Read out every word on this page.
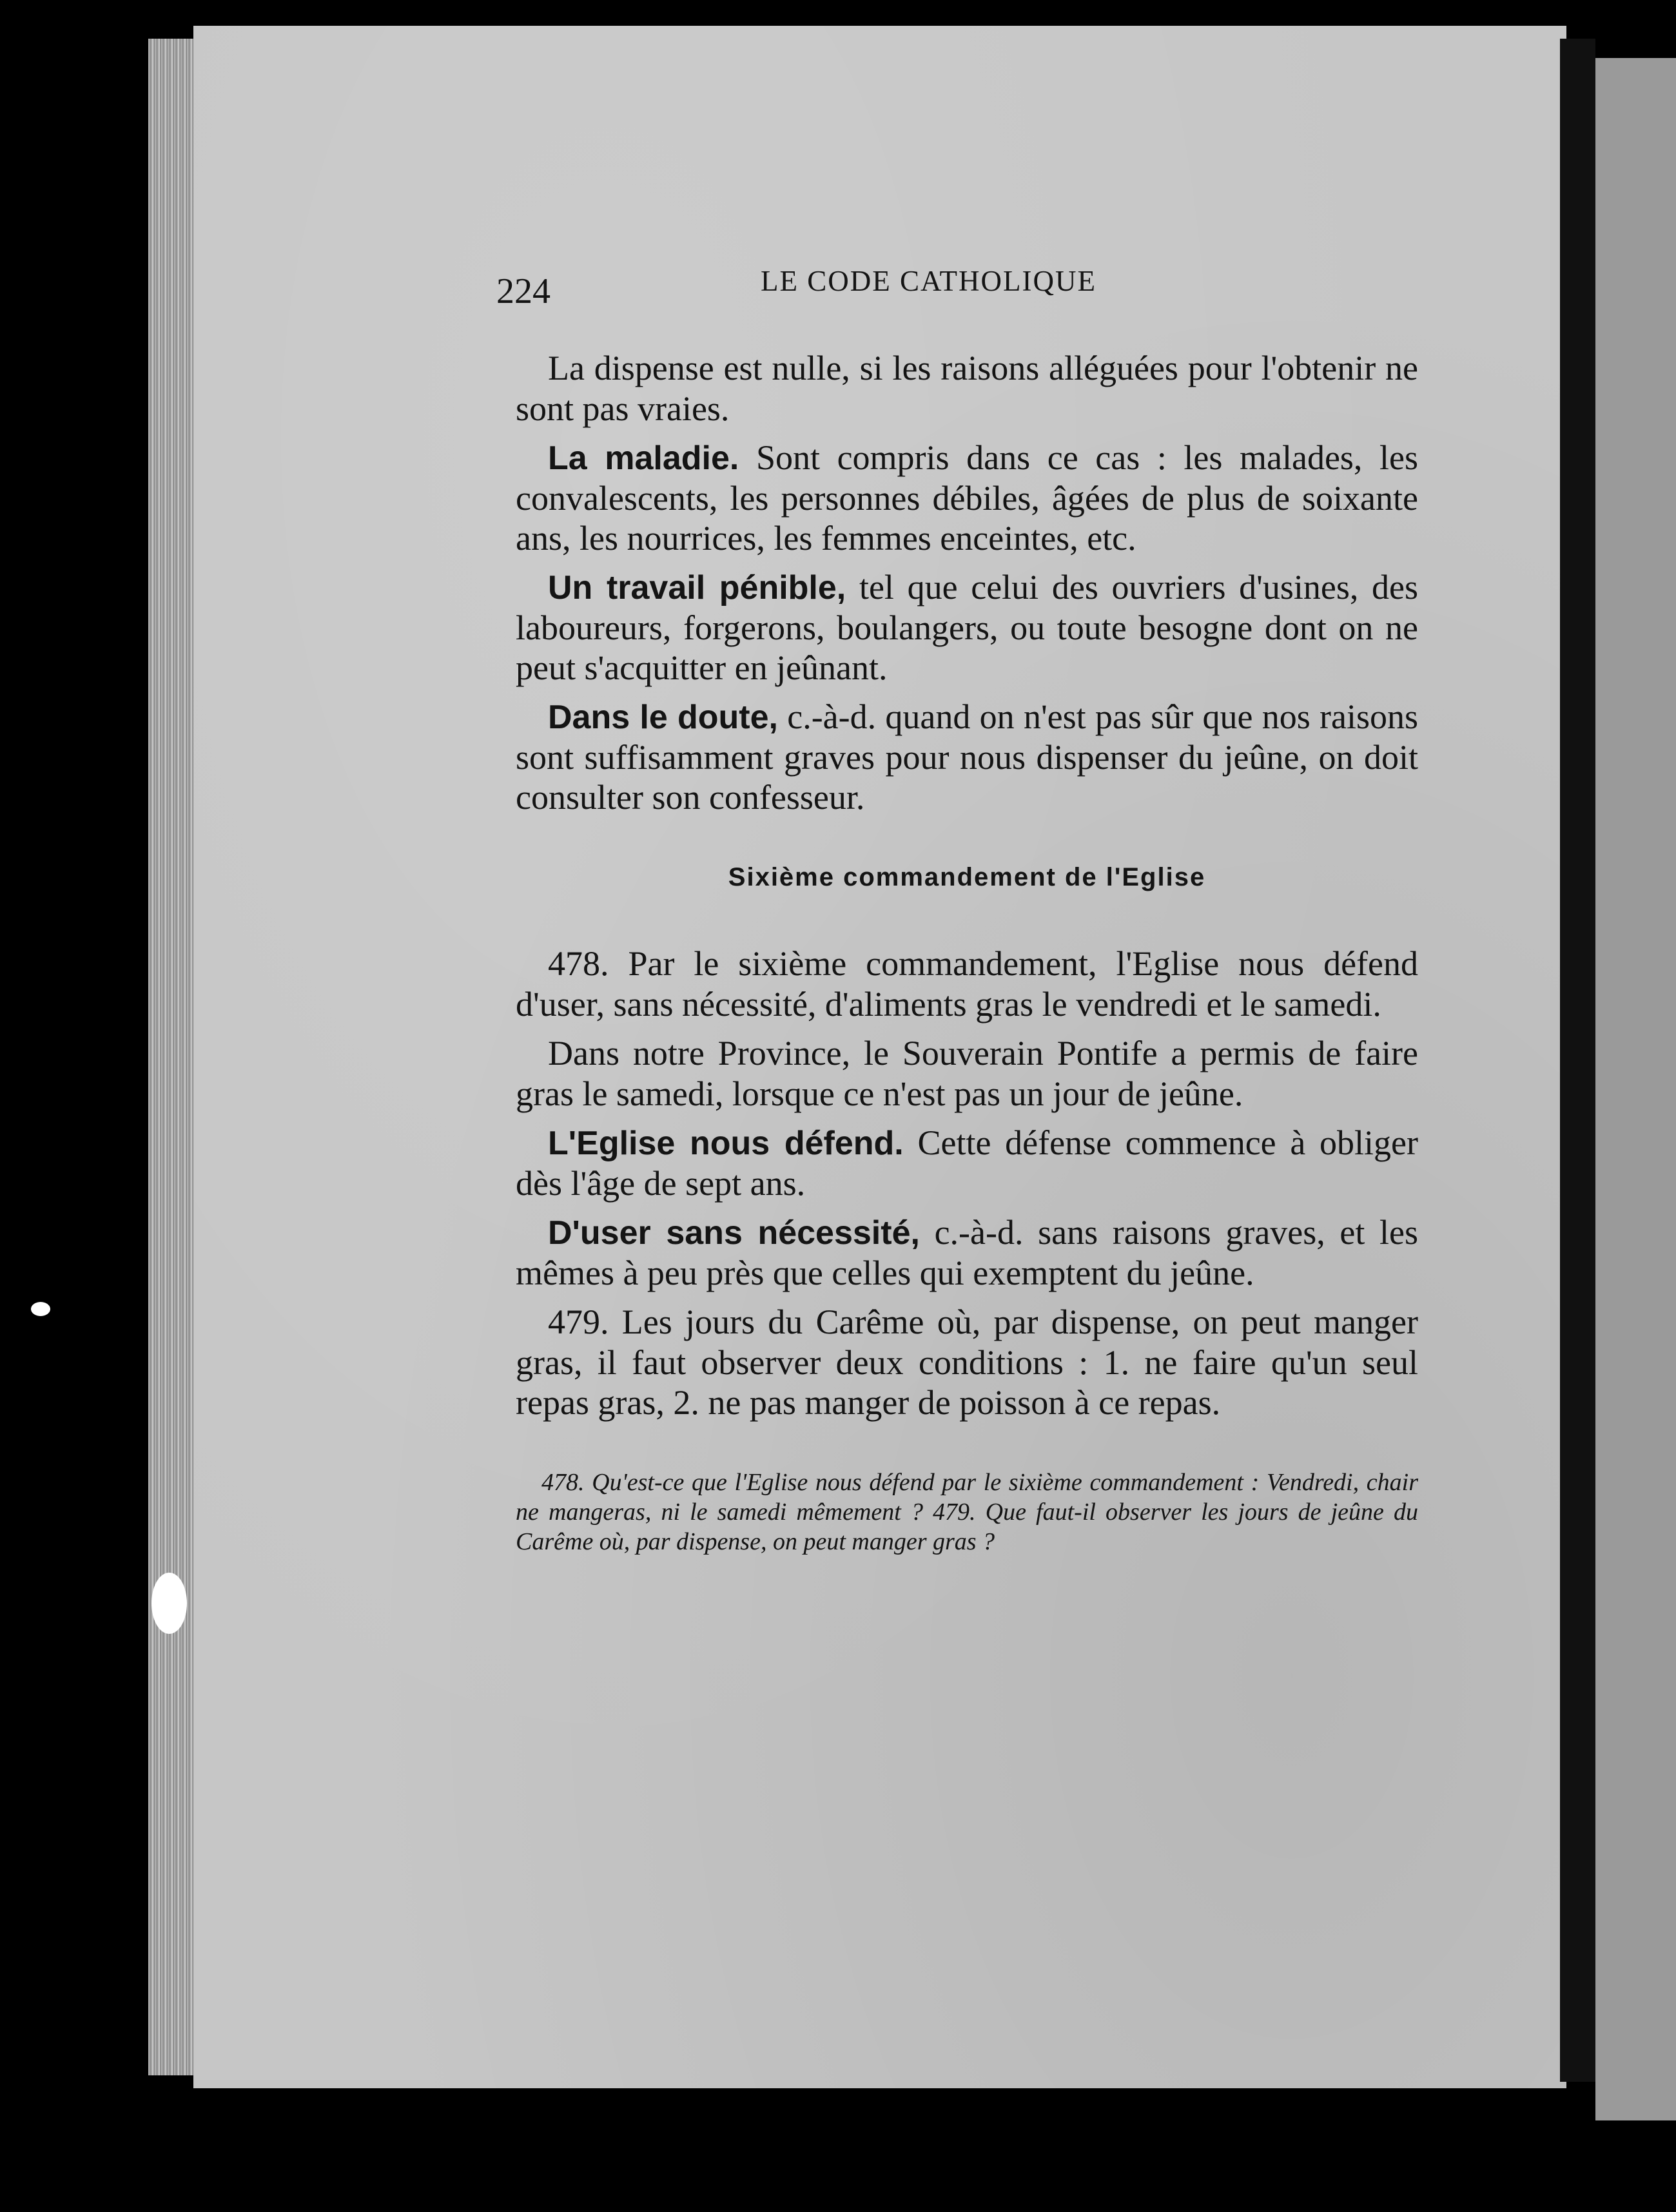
224	LE CODE CATHOLIQUE

La dispense est nulle, si les raisons alléguées pour l'obtenir ne sont pas vraies.

La maladie. Sont compris dans ce cas : les malades, les convalescents, les personnes débiles, âgées de plus de soixante ans, les nourrices, les femmes enceintes, etc.

Un travail pénible, tel que celui des ouvriers d'usines, des laboureurs, forgerons, boulangers, ou toute besogne dont on ne peut s'acquitter en jeûnant.

Dans le doute, c.-à-d. quand on n'est pas sûr que nos raisons sont suffisamment graves pour nous dispenser du jeûne, on doit consulter son confesseur.

Sixième commandement de l'Eglise

478. Par le sixième commandement, l'Eglise nous défend d'user, sans nécessité, d'aliments gras le vendredi et le samedi.

Dans notre Province, le Souverain Pontife a permis de faire gras le samedi, lorsque ce n'est pas un jour de jeûne.

L'Eglise nous défend. Cette défense commence à obliger dès l'âge de sept ans.

D'user sans nécessité, c.-à-d. sans raisons graves, et les mêmes à peu près que celles qui exemptent du jeûne.

479. Les jours du Carême où, par dispense, on peut manger gras, il faut observer deux conditions : 1. ne faire qu'un seul repas gras, 2. ne pas manger de poisson à ce repas.

478. Qu'est-ce que l'Eglise nous défend par le sixième commandement : Vendredi, chair ne mangeras, ni le samedi mêmement ? 479. Que faut-il observer les jours de jeûne du Carême où, par dispense, on peut manger gras ?
